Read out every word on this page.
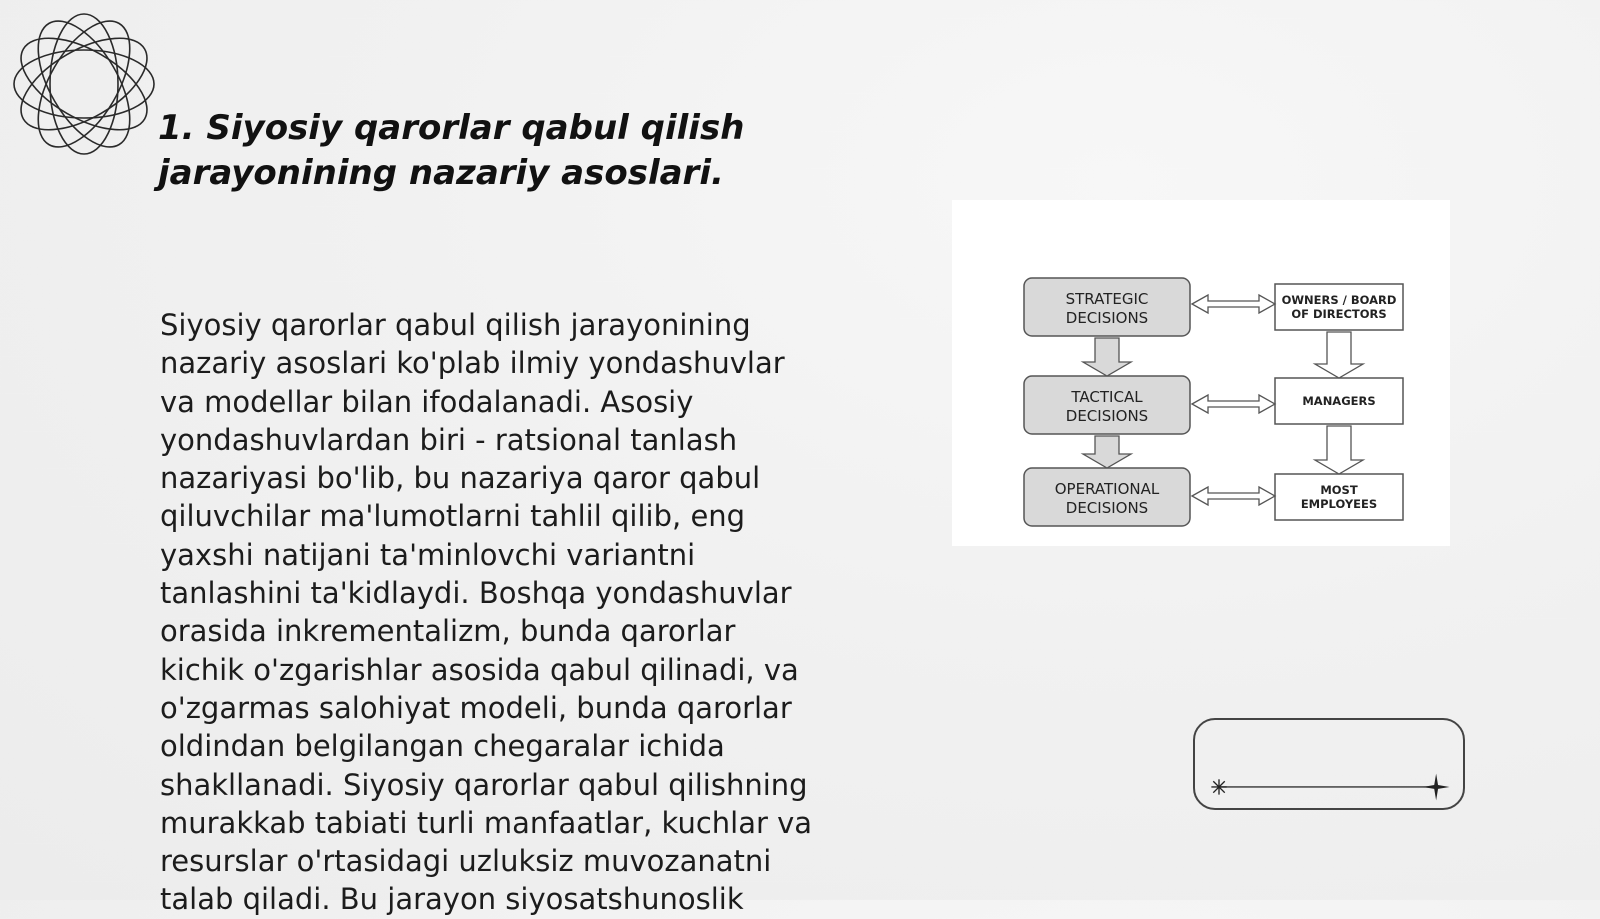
1. Siyosiy qarorlar qabul qilish
jarayonining nazariy asoslari.
Siyosiy qarorlar qabul qilish jarayonining
nazariy asoslari ko'plab ilmiy yondashuvlar
va modellar bilan ifodalanadi. Asosiy
yondashuvlardan biri - ratsional tanlash
nazariyasi bo'lib, bu nazariya qaror qabul
qiluvchilar ma'lumotlarni tahlil qilib, eng
yaxshi natijani ta'minlovchi variantni
tanlashini ta'kidlaydi. Boshqa yondashuvlar
orasida inkrementalizm, bunda qarorlar
kichik o'zgarishlar asosida qabul qilinadi, va
o'zgarmas salohiyat modeli, bunda qarorlar
oldindan belgilangan chegaralar ichida
shakllanadi. Siyosiy qarorlar qabul qilishning
murakkab tabiati turli manfaatlar, kuchlar va
resurslar o'rtasidagi uzluksiz muvozanatni
talab qiladi. Bu jarayon siyosatshunoslik
STRATEGIC
DECISIONS
TACTICAL
DECISIONS
OPERATIONAL
DECISIONS
OWNERS / BOARD
OF DIRECTORS
MANAGERS
MOST
EMPLOYEES
